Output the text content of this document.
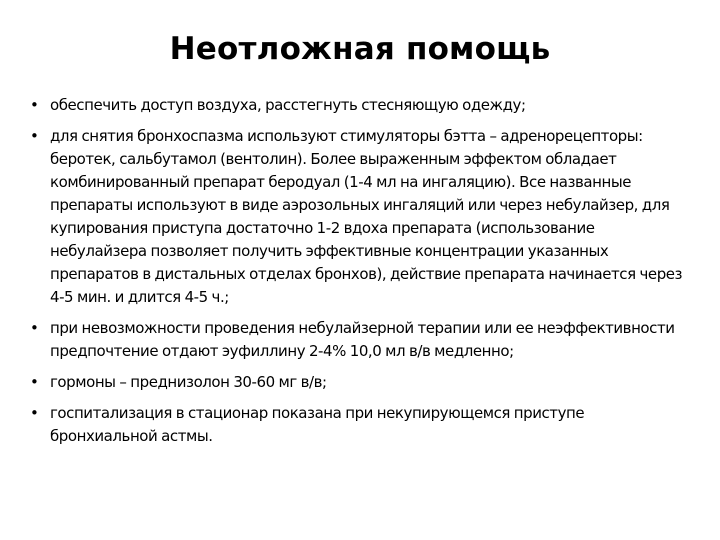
Неотложная помощь
• обеспечить доступ воздуха, расстегнуть стесняющую одежду;
• для снятия бронхоспазма используют стимуляторы бэтта – адренорецепторы: беротек, сальбутамол (вентолин). Более выраженным эффектом обладает комбинированный препарат беродуал (1-4 мл на ингаляцию). Все названные препараты используют в виде аэрозольных ингаляций или через небулайзер, для купирования приступа достаточно 1-2 вдоха препарата (использование небулайзера позволяет получить эффективные концентрации указанных препаратов в дистальных отделах бронхов), действие препарата начинается через 4-5 мин. и длится 4-5 ч.;
• при невозможности проведения небулайзерной терапии или ее неэффективности предпочтение отдают эуфиллину 2-4% 10,0 мл в/в медленно;
• гормоны – преднизолон 30-60 мг в/в;
• госпитализация в стационар показана при некупирующемся приступе бронхиальной астмы.
